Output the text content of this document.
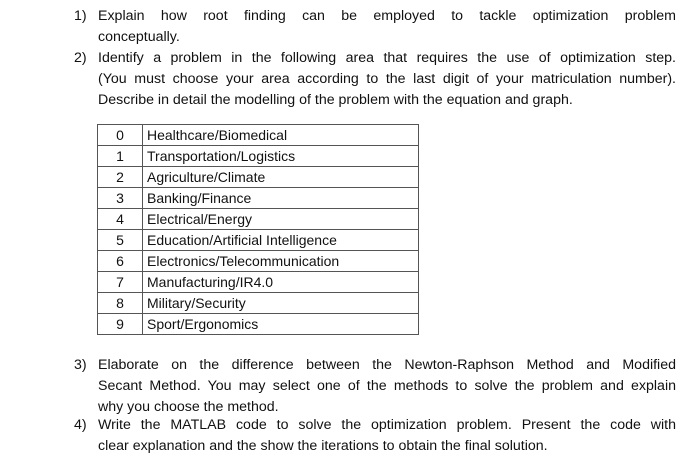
1) Explain how root finding can be employed to tackle optimization problem
conceptually.
2) Identify a problem in the following area that requires the use of optimization step.
(You must choose your area according to the last digit of your matriculation number).
Describe in detail the modelling of the problem with the equation and graph.
0	Healthcare/Biomedical
1	Transportation/Logistics
2	Agriculture/Climate
3	Banking/Finance
4	Electrical/Energy
5	Education/Artificial Intelligence
6	Electronics/Telecommunication
7	Manufacturing/IR4.0
8	Military/Security
9	Sport/Ergonomics
3) Elaborate on the difference between the Newton-Raphson Method and Modified
Secant Method. You may select one of the methods to solve the problem and explain
why you choose the method.
4) Write the MATLAB code to solve the optimization problem. Present the code with
clear explanation and the show the iterations to obtain the final solution.
